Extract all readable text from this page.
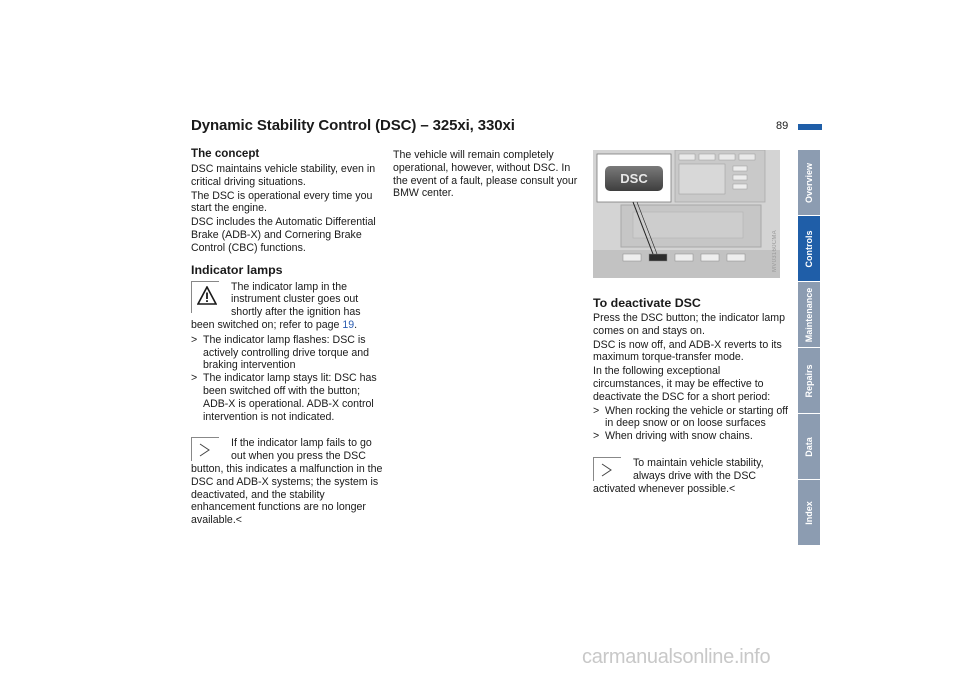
Dynamic Stability Control (DSC) – 325xi, 330xi	89
The concept

DSC maintains vehicle stability, even in critical driving situations.

The DSC is operational every time you start the engine.

DSC includes the Automatic Differential Brake (ADB-X) and Cornering Brake Control (CBC) functions.

Indicator lamps

The indicator lamp in the instrument cluster goes out shortly after the ignition has been switched on; refer to page 19.

> The indicator lamp flashes: DSC is actively controlling drive torque and braking intervention
> The indicator lamp stays lit: DSC has been switched off with the button; ADB-X is operational. ADB-X control intervention is not indicated.

If the indicator lamp fails to go out when you press the DSC button, this indicates a malfunction in the DSC and ADB-X systems; the system is deactivated, and the stability enhancement functions are no longer available.<

The vehicle will remain completely operational, however, without DSC. In the event of a fault, please consult your BMW center.

DSC
MV03160CMA
To deactivate DSC

Press the DSC button; the indicator lamp comes on and stays on.

DSC is now off, and ADB-X reverts to its maximum torque-transfer mode.

In the following exceptional circumstances, it may be effective to deactivate the DSC for a short period:

> When rocking the vehicle or starting off in deep snow or on loose surfaces
> When driving with snow chains.

To maintain vehicle stability, always drive with the DSC activated whenever possible.<

Overview
Controls
Maintenance
Repairs
Data
Index
carmanualsonline.info
